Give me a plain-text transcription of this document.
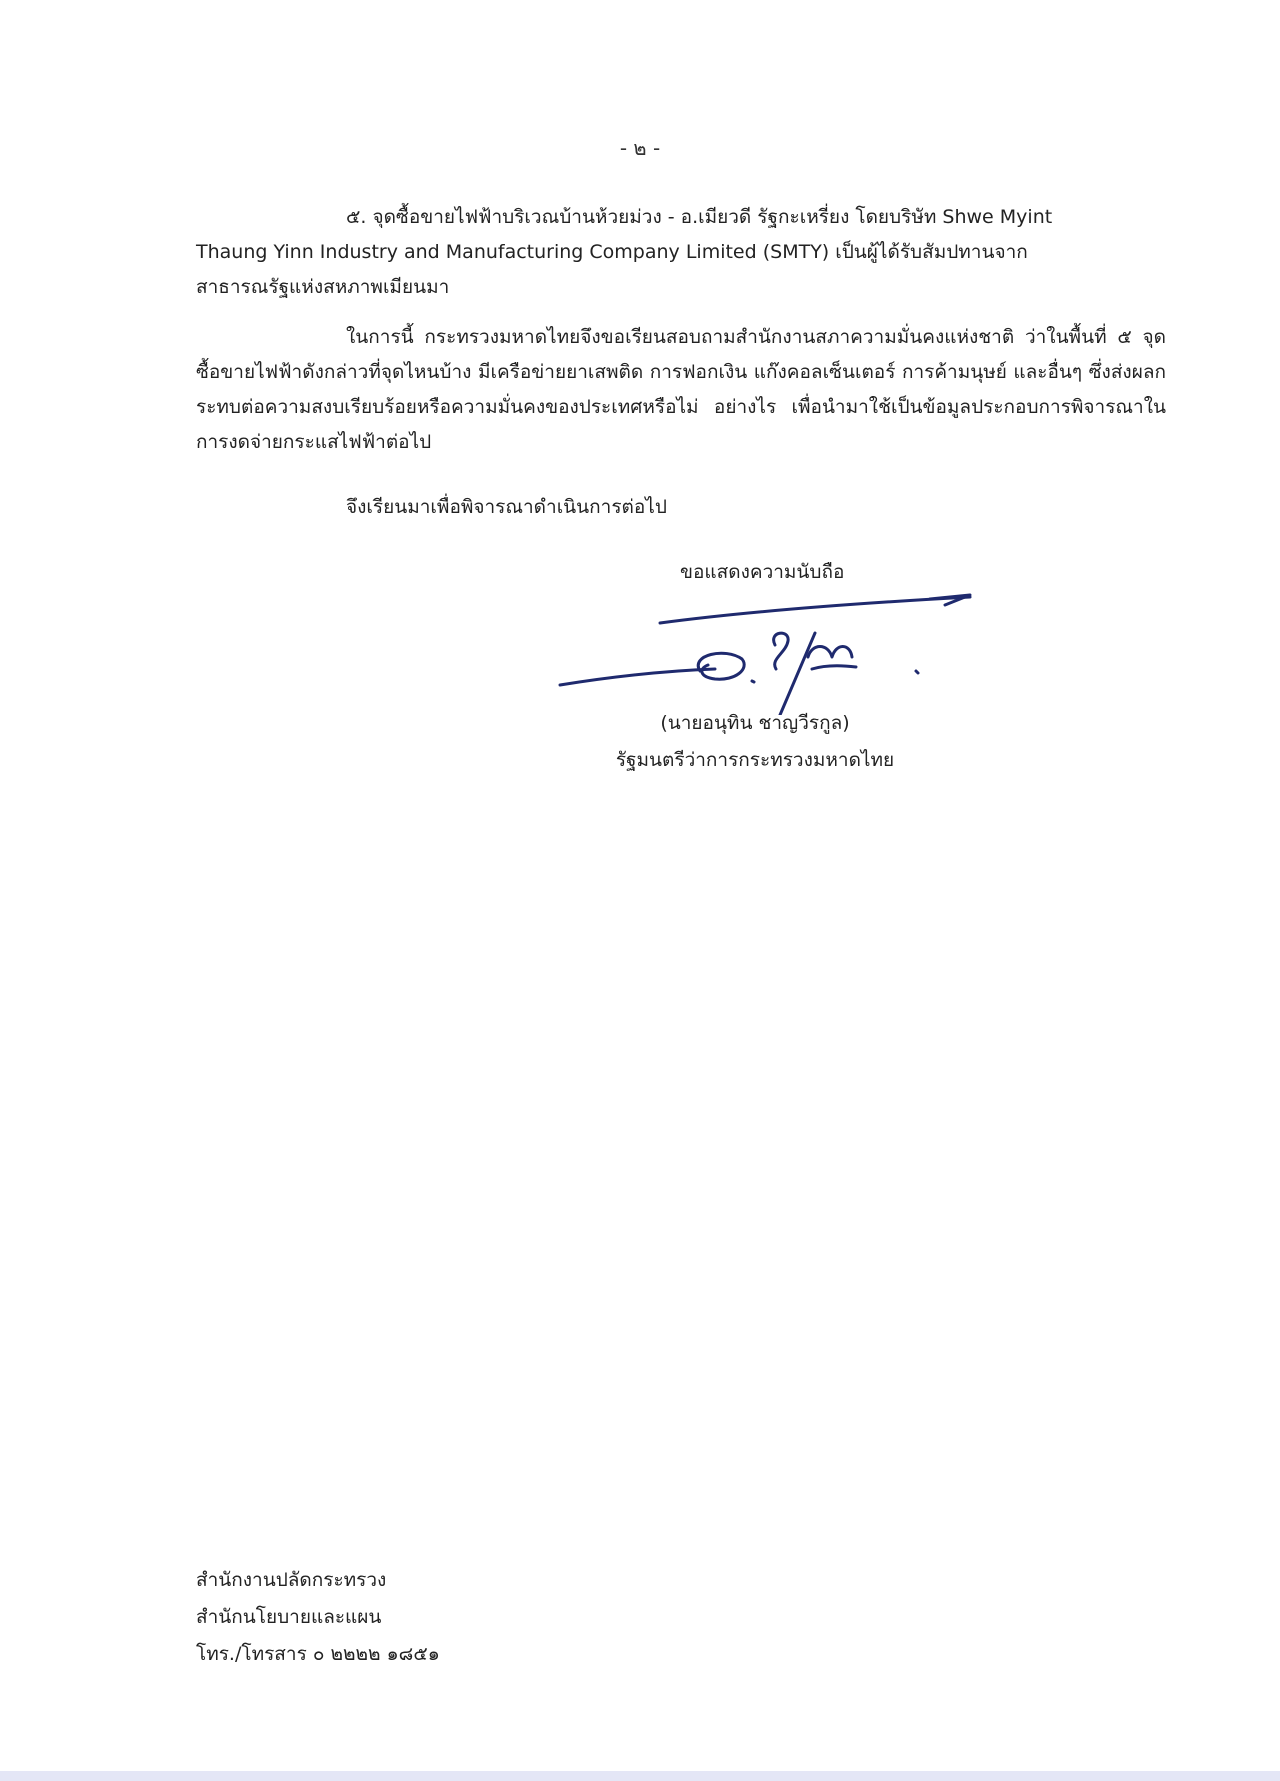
- ๒ -
๕. จุดซื้อขายไฟฟ้าบริเวณบ้านห้วยม่วง - อ.เมียวดี รัฐกะเหรี่ยง โดยบริษัท Shwe Myint
Thaung Yinn Industry and Manufacturing Company Limited (SMTY) เป็นผู้ได้รับสัมปทานจาก
สาธารณรัฐแห่งสหภาพเมียนมา
ในการนี้ กระทรวงมหาดไทยจึงขอเรียนสอบถามสำนักงานสภาความมั่นคงแห่งชาติ ว่าในพื้นที่ ๕ จุดซื้อขายไฟฟ้าดังกล่าวที่จุดไหนบ้าง มีเครือข่ายยาเสพติด การฟอกเงิน แก๊งคอลเซ็นเตอร์ การค้ามนุษย์ และอื่นๆ ซึ่งส่งผลกระทบต่อความสงบเรียบร้อยหรือความมั่นคงของประเทศหรือไม่ อย่างไร เพื่อนำมาใช้เป็นข้อมูลประกอบการพิจารณาในการงดจ่ายกระแสไฟฟ้าต่อไป
จึงเรียนมาเพื่อพิจารณาดำเนินการต่อไป
ขอแสดงความนับถือ
(นายอนุทิน ชาญวีรกูล)
รัฐมนตรีว่าการกระทรวงมหาดไทย
สำนักงานปลัดกระทรวง
สำนักนโยบายและแผน
โทร./โทรสาร ๐ ๒๒๒๒ ๑๘๕๑
